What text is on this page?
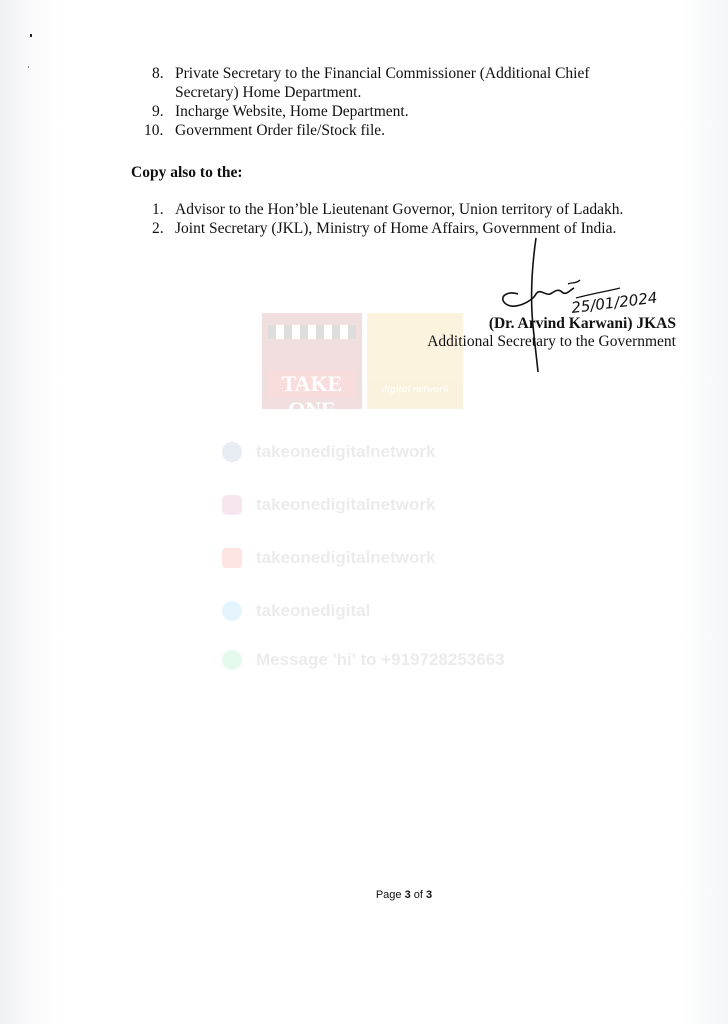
TAKE ONE
digital network
takeonedigitalnetwork
takeonedigitalnetwork
takeonedigitalnetwork
takeonedigital
Message 'hi' to +919728253663
8. Private Secretary to the Financial Commissioner (Additional Chief
Secretary) Home Department.
9. Incharge Website, Home Department.
10. Government Order file/Stock file.
Copy also to the:
1. Advisor to the Hon’ble Lieutenant Governor, Union territory of Ladakh.
2. Joint Secretary (JKL), Ministry of Home Affairs, Government of India.
(Dr. Arvind Karwani) JKAS
Additional Secretary to the Government
25/01/2024
Page 3 of 3
